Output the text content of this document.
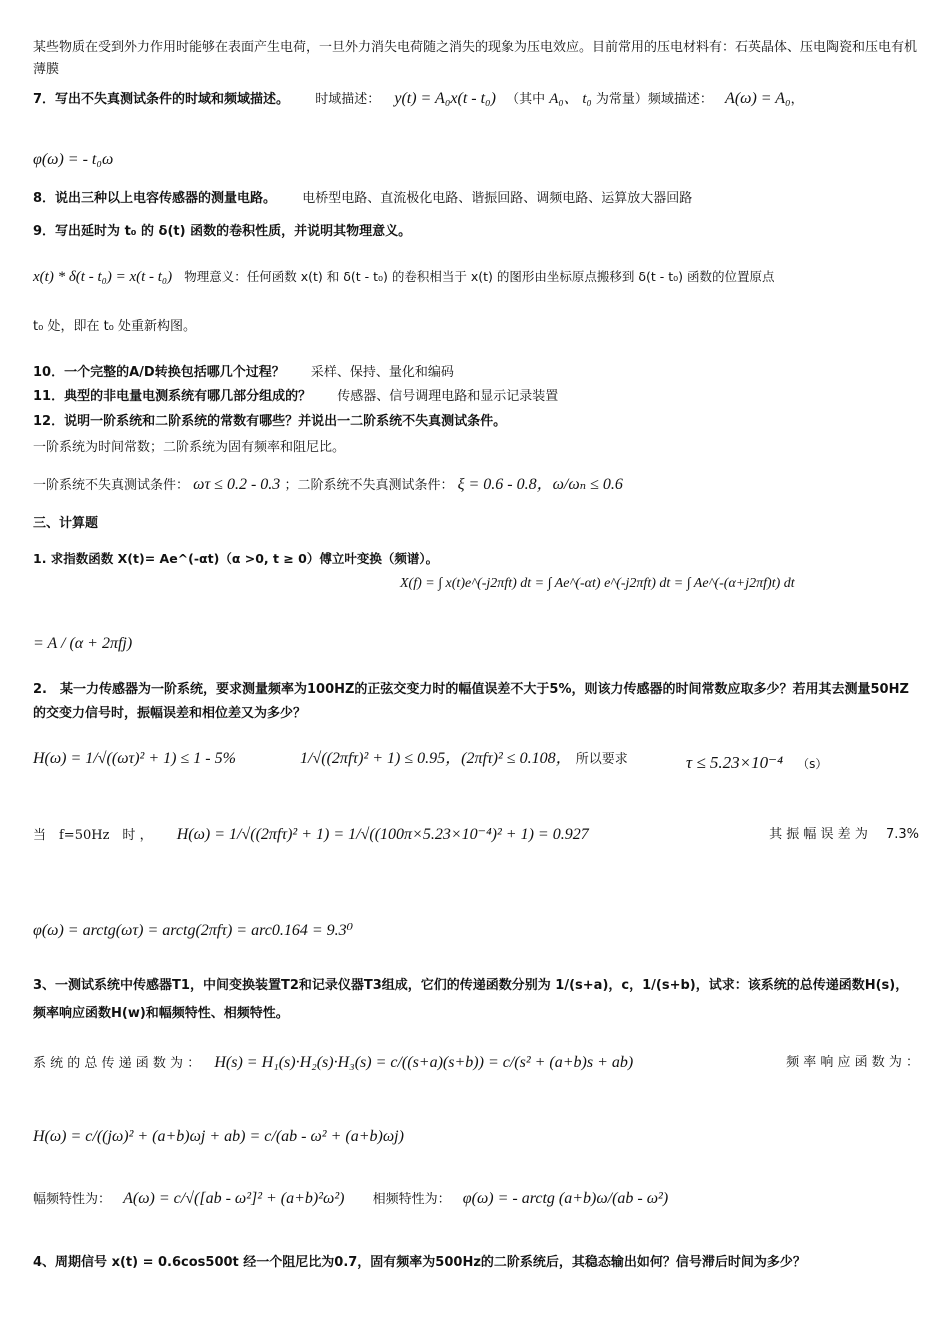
某些物质在受到外力作用时能够在表面产生电荷，一旦外力消失电荷随之消失的现象为压电效应。目前常用的压电材料有：石英晶体、压电陶瓷和压电有机薄膜
7．写出不失真测试条件的时域和频域描述。 时域描述： y(t) = A₀x(t - t₀) （其中 A₀、 t₀ 为常量）频域描述： A(ω) = A₀，
φ(ω) = - t₀ω
8．说出三种以上电容传感器的测量电路。 电桥型电路、直流极化电路、谐振回路、调频电路、运算放大器回路
9．写出延时为 t₀ 的 δ(t) 函数的卷积性质，并说明其物理意义。
x(t) * δ(t - t₀) = x(t - t₀) 物理意义：任何函数 x(t) 和 δ(t - t₀) 的卷积相当于 x(t) 的图形由坐标原点搬移到 δ(t - t₀) 函数的位置原点
t₀ 处，即在 t₀ 处重新构图。
10．一个完整的A/D转换包括哪几个过程？ 采样、保持、量化和编码
11．典型的非电量电测系统有哪几部分组成的？ 传感器、信号调理电路和显示记录装置
12．说明一阶系统和二阶系统的常数有哪些？并说出一二阶系统不失真测试条件。
一阶系统为时间常数；二阶系统为固有频率和阻尼比。
一阶系统不失真测试条件： ωτ ≤ 0.2 - 0.3 ；二阶系统不失真测试条件： ξ = 0.6 - 0.8，ω/ωₙ ≤ 0.6
三、计算题
1. 求指数函数 X(t)= Ae^(-αt)（α >0, t ≥ 0）傅立叶变换（频谱）。
X(f) = ∫ x(t)e^(-j2πft) dt = ∫ Ae^(-αt) e^(-j2πft) dt = ∫ Ae^(-(α+j2πf)t) dt
= A / (α + 2πfj)
2.　某一力传感器为一阶系统，要求测量频率为100HZ的正弦交变力时的幅值误差不大于5%，则该力传感器的时间常数应取多少？若用其去测量50HZ的交变力信号时，振幅误差和相位差又为多少？
H(ω) = 1/√((ωτ)² + 1) ≤ 1 - 5%	1/√((2πfτ)² + 1) ≤ 0.95，(2πfτ)² ≤ 0.108， 所以要求	τ ≤ 5.23×10⁻⁴ （s）
当　f=50Hz　时 ， H(ω) = 1/√((2πfτ)² + 1) = 1/√((100π×5.23×10⁻⁴)² + 1) = 0.927	其 振 幅 误 差 为 7.3%
φ(ω) = arctg(ωτ) = arctg(2πfτ) = arc0.164 = 9.3⁰
3、一测试系统中传感器T1，中间变换装置T2和记录仪器T3组成，它们的传递函数分别为 1/(s+a)，c，1/(s+b)，试求：该系统的总传递函数H(s)，频率响应函数H(w)和幅频特性、相频特性。
系 统 的 总 传 递 函 数 为 ： H(s) = H₁(s)·H₂(s)·H₃(s) = c/((s+a)(s+b)) = c/(s² + (a+b)s + ab)	频 率 响 应 函 数 为 ：
H(ω) = c/((jω)² + (a+b)ωj + ab) = c/(ab - ω² + (a+b)ωj)
幅频特性为： A(ω) = c/√([ab - ω²]² + (a+b)²ω²) 相频特性为： φ(ω) = - arctg (a+b)ω/(ab - ω²)
4、周期信号 x(t) = 0.6cos500t 经一个阻尼比为0.7，固有频率为500Hz的二阶系统后，其稳态输出如何？信号滞后时间为多少？
